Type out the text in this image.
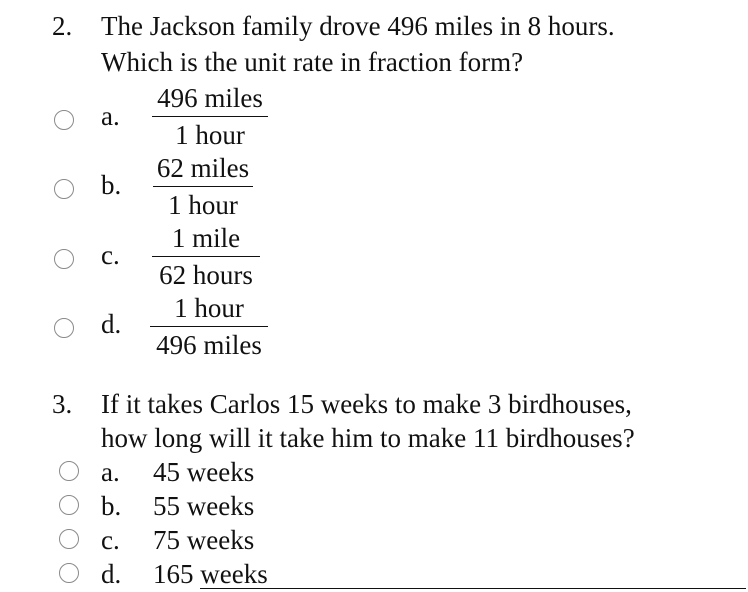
2. The Jackson family drove 496 miles in 8 hours.
Which is the unit rate in fraction form?
a.
496 miles
1 hour
b.
62 miles
1 hour
c.
1 mile
62 hours
d.
1 hour
496 miles
3. If it takes Carlos 15 weeks to make 3 birdhouses,
how long will it take him to make 11 birdhouses?
a. 45 weeks
b. 55 weeks
c. 75 weeks
d. 165 weeks
